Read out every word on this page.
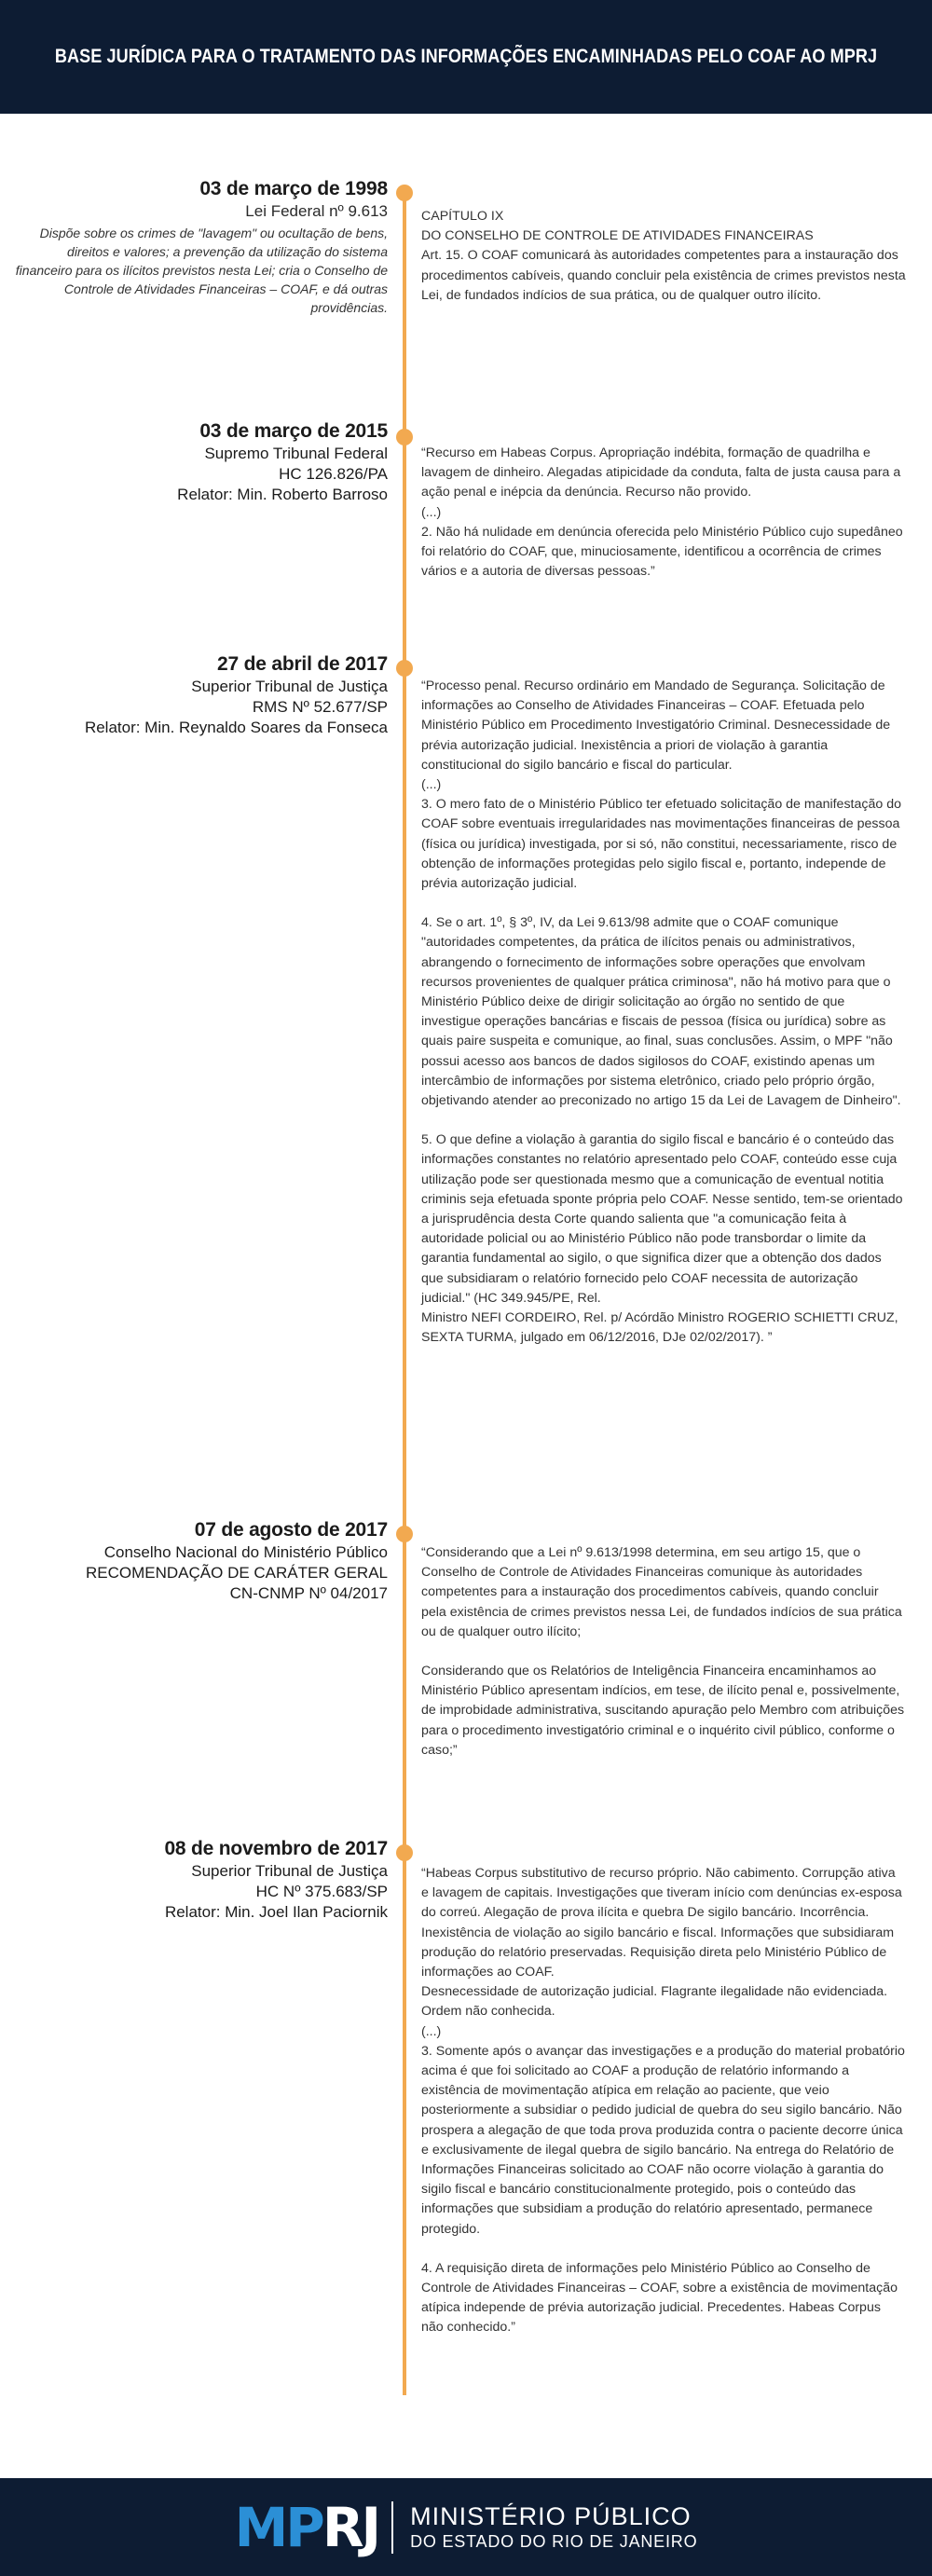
BASE JURÍDICA PARA O TRATAMENTO DAS INFORMAÇÕES ENCAMINHADAS PELO COAF AO MPRJ
03 de março de 1998
Lei Federal nº 9.613
Dispõe sobre os crimes de "lavagem" ou ocultação de bens, direitos e valores; a prevenção da utilização do sistema financeiro para os ilícitos previstos nesta Lei; cria o Conselho de Controle de Atividades Financeiras – COAF, e dá outras providências.

CAPÍTULO IX
DO CONSELHO DE CONTROLE DE ATIVIDADES FINANCEIRAS
Art. 15. O COAF comunicará às autoridades competentes para a instauração dos procedimentos cabíveis, quando concluir pela existência de crimes previstos nesta Lei, de fundados indícios de sua prática, ou de qualquer outro ilícito.

03 de março de 2015
Supremo Tribunal Federal
HC 126.826/PA
Relator: Min. Roberto Barroso

“Recurso em Habeas Corpus. Apropriação indébita, formação de quadrilha e lavagem de dinheiro. Alegadas atipicidade da conduta, falta de justa causa para a ação penal e inépcia da denúncia. Recurso não provido.
(...)
2. Não há nulidade em denúncia oferecida pelo Ministério Público cujo supedâneo foi relatório do COAF, que, minuciosamente, identificou a ocorrência de crimes vários e a autoria de diversas pessoas.”

27 de abril de 2017
Superior Tribunal de Justiça
RMS Nº 52.677/SP
Relator: Min. Reynaldo Soares da Fonseca

“Processo penal. Recurso ordinário em Mandado de Segurança. Solicitação de informações ao Conselho de Atividades Financeiras – COAF. Efetuada pelo Ministério Público em Procedimento Investigatório Criminal. Desnecessidade de prévia autorização judicial. Inexistência a priori de violação à garantia constitucional do sigilo bancário e fiscal do particular.
(...)
3. O mero fato de o Ministério Público ter efetuado solicitação de manifestação do COAF sobre eventuais irregularidades nas movimentações financeiras de pessoa (física ou jurídica) investigada, por si só, não constitui, necessariamente, risco de obtenção de informações protegidas pelo sigilo fiscal e, portanto, independe de prévia autorização judicial.

4. Se o art. 1º, § 3º, IV, da Lei 9.613/98 admite que o COAF comunique "autoridades competentes, da prática de ilícitos penais ou administrativos, abrangendo o fornecimento de informações sobre operações que envolvam recursos provenientes de qualquer prática criminosa", não há motivo para que o Ministério Público deixe de dirigir solicitação ao órgão no sentido de que investigue operações bancárias e fiscais de pessoa (física ou jurídica) sobre as quais paire suspeita e comunique, ao final, suas conclusões. Assim, o MPF "não possui acesso aos bancos de dados sigilosos do COAF, existindo apenas um intercâmbio de informações por sistema eletrônico, criado pelo próprio órgão, objetivando atender ao preconizado no artigo 15 da Lei de Lavagem de Dinheiro".

5. O que define a violação à garantia do sigilo fiscal e bancário é o conteúdo das informações constantes no relatório apresentado pelo COAF, conteúdo esse cuja utilização pode ser questionada mesmo que a comunicação de eventual notitia criminis seja efetuada sponte própria pelo COAF. Nesse sentido, tem-se orientado a jurisprudência desta Corte quando salienta que "a comunicação feita à autoridade policial ou ao Ministério Público não pode transbordar o limite da garantia fundamental ao sigilo, o que significa dizer que a obtenção dos dados que subsidiaram o relatório fornecido pelo COAF necessita de autorização judicial." (HC 349.945/PE, Rel.
Ministro NEFI CORDEIRO, Rel. p/ Acórdão Ministro ROGERIO SCHIETTI CRUZ, SEXTA TURMA, julgado em 06/12/2016, DJe 02/02/2017). ”

07 de agosto de 2017
Conselho Nacional do Ministério Público
RECOMENDAÇÃO DE CARÁTER GERAL
CN-CNMP Nº 04/2017

“Considerando que a Lei nº 9.613/1998 determina, em seu artigo 15, que o Conselho de Controle de Atividades Financeiras comunique às autoridades competentes para a instauração dos procedimentos cabíveis, quando concluir pela existência de crimes previstos nessa Lei, de fundados indícios de sua prática ou de qualquer outro ilícito;

Considerando que os Relatórios de Inteligência Financeira encaminhamos ao Ministério Público apresentam indícios, em tese, de ilícito penal e, possivelmente, de improbidade administrativa, suscitando apuração pelo Membro com atribuições para o procedimento investigatório criminal e o inquérito civil público, conforme o caso;”

08 de novembro de 2017
Superior Tribunal de Justiça
HC Nº 375.683/SP
Relator: Min. Joel Ilan Paciornik

“Habeas Corpus substitutivo de recurso próprio. Não cabimento. Corrupção ativa e lavagem de capitais. Investigações que tiveram início com denúncias ex-esposa do correú. Alegação de prova ilícita e quebra De sigilo bancário. Incorrência. Inexistência de violação ao sigilo bancário e fiscal. Informações que subsidiaram produção do relatório preservadas. Requisição direta pelo Ministério Público de informações ao COAF.
Desnecessidade de autorização judicial. Flagrante ilegalidade não evidenciada. Ordem não conhecida.
(...)
3. Somente após o avançar das investigações e a produção do material probatório acima é que foi solicitado ao COAF a produção de relatório informando a existência de movimentação atípica em relação ao paciente, que veio posteriormente a subsidiar o pedido judicial de quebra do seu sigilo bancário. Não prospera a alegação de que toda prova produzida contra o paciente decorre única e exclusivamente de ilegal quebra de sigilo bancário. Na entrega do Relatório de Informações Financeiras solicitado ao COAF não ocorre violação à garantia do sigilo fiscal e bancário constitucionalmente protegido, pois o conteúdo das informações que subsidiam a produção do relatório apresentado, permanece protegido.

4. A requisição direta de informações pelo Ministério Público ao Conselho de Controle de Atividades Financeiras – COAF, sobre a existência de movimentação atípica independe de prévia autorização judicial. Precedentes. Habeas Corpus não conhecido.”

MPRJ MINISTÉRIO PÚBLICO
DO ESTADO DO RIO DE JANEIRO
